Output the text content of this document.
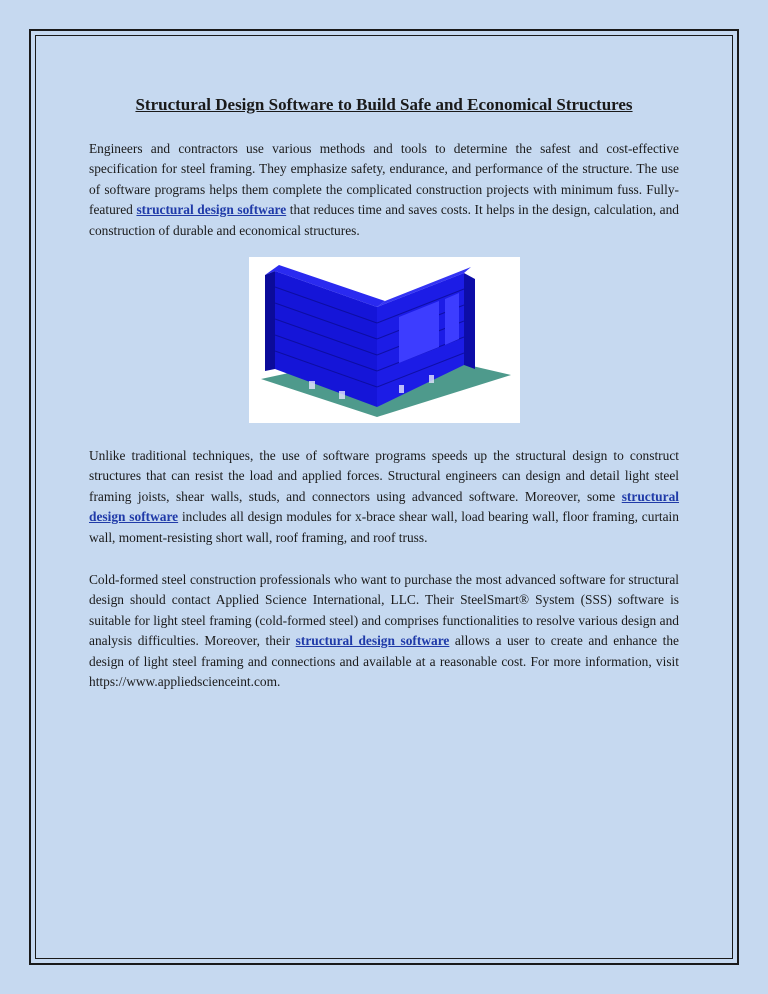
Structural Design Software to Build Safe and Economical Structures

Engineers and contractors use various methods and tools to determine the safest and cost-effective specification for steel framing. They emphasize safety, endurance, and performance of the structure. The use of software programs helps them complete the complicated construction projects with minimum fuss. Fully-featured structural design software that reduces time and saves costs. It helps in the design, calculation, and construction of durable and economical structures.

Unlike traditional techniques, the use of software programs speeds up the structural design to construct structures that can resist the load and applied forces. Structural engineers can design and detail light steel framing joists, shear walls, studs, and connectors using advanced software. Moreover, some structural design software includes all design modules for x-brace shear wall, load bearing wall, floor framing, curtain wall, moment-resisting short wall, roof framing, and roof truss.

Cold-formed steel construction professionals who want to purchase the most advanced software for structural design should contact Applied Science International, LLC. Their SteelSmart® System (SSS) software is suitable for light steel framing (cold-formed steel) and comprises functionalities to resolve various design and analysis difficulties. Moreover, their structural design software allows a user to create and enhance the design of light steel framing and connections and available at a reasonable cost. For more information, visit https://www.appliedscienceint.com.
